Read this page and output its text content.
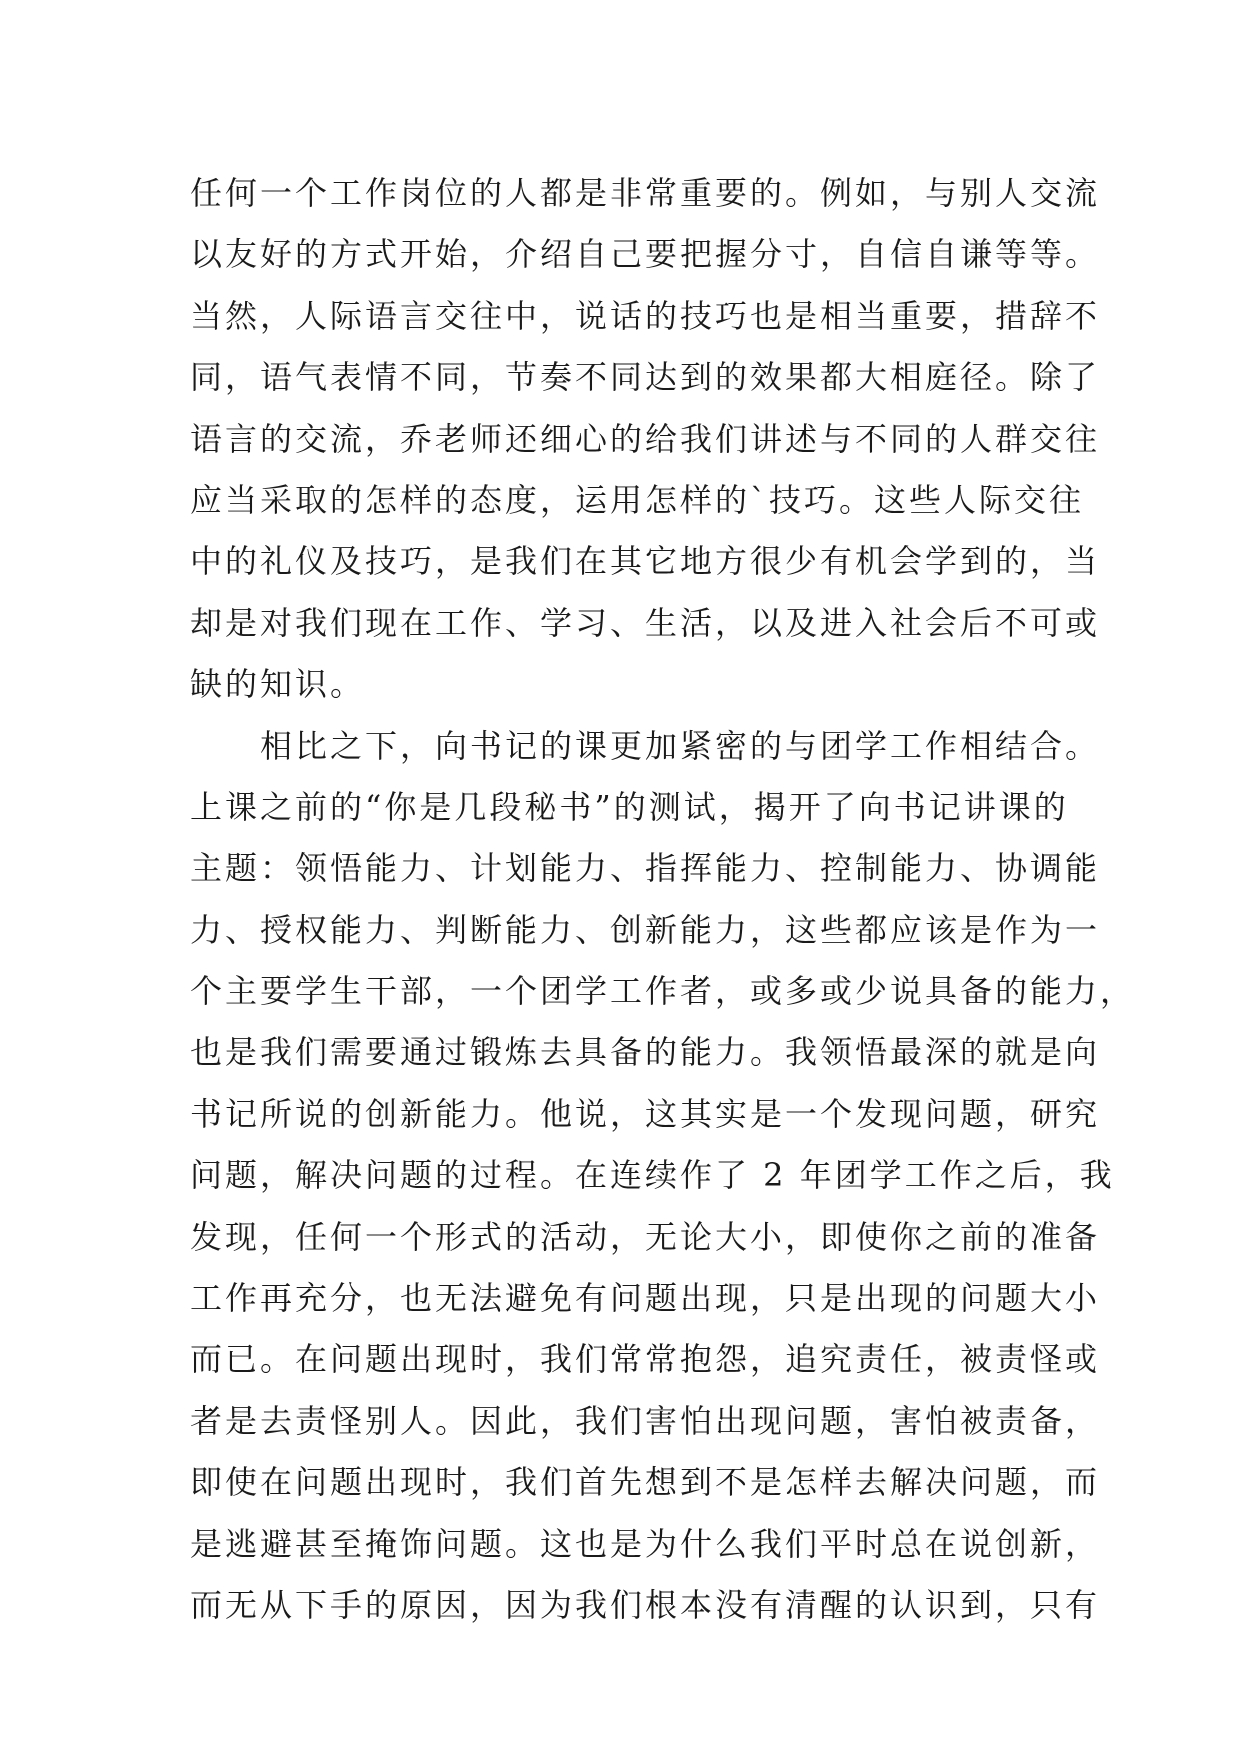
任何一个工作岗位的人都是非常重要的。例如，与别人交流
以友好的方式开始，介绍自己要把握分寸，自信自谦等等。
当然，人际语言交往中，说话的技巧也是相当重要，措辞不
同，语气表情不同，节奏不同达到的效果都大相庭径。除了
语言的交流，乔老师还细心的给我们讲述与不同的人群交往
应当采取的怎样的态度，运用怎样的`技巧。这些人际交往
中的礼仪及技巧，是我们在其它地方很少有机会学到的，当
却是对我们现在工作、学习、生活，以及进入社会后不可或
缺的知识。
　　相比之下，向书记的课更加紧密的与团学工作相结合。
上课之前的“你是几段秘书”的测试，揭开了向书记讲课的
主题：领悟能力、计划能力、指挥能力、控制能力、协调能
力、授权能力、判断能力、创新能力，这些都应该是作为一
个主要学生干部，一个团学工作者，或多或少说具备的能力，
也是我们需要通过锻炼去具备的能力。我领悟最深的就是向
书记所说的创新能力。他说，这其实是一个发现问题，研究
问题，解决问题的过程。在连续作了 2 年团学工作之后，我
发现，任何一个形式的活动，无论大小，即使你之前的准备
工作再充分，也无法避免有问题出现，只是出现的问题大小
而已。在问题出现时，我们常常抱怨，追究责任，被责怪或
者是去责怪别人。因此，我们害怕出现问题，害怕被责备，
即使在问题出现时，我们首先想到不是怎样去解决问题，而
是逃避甚至掩饰问题。这也是为什么我们平时总在说创新，
而无从下手的原因，因为我们根本没有清醒的认识到，只有
